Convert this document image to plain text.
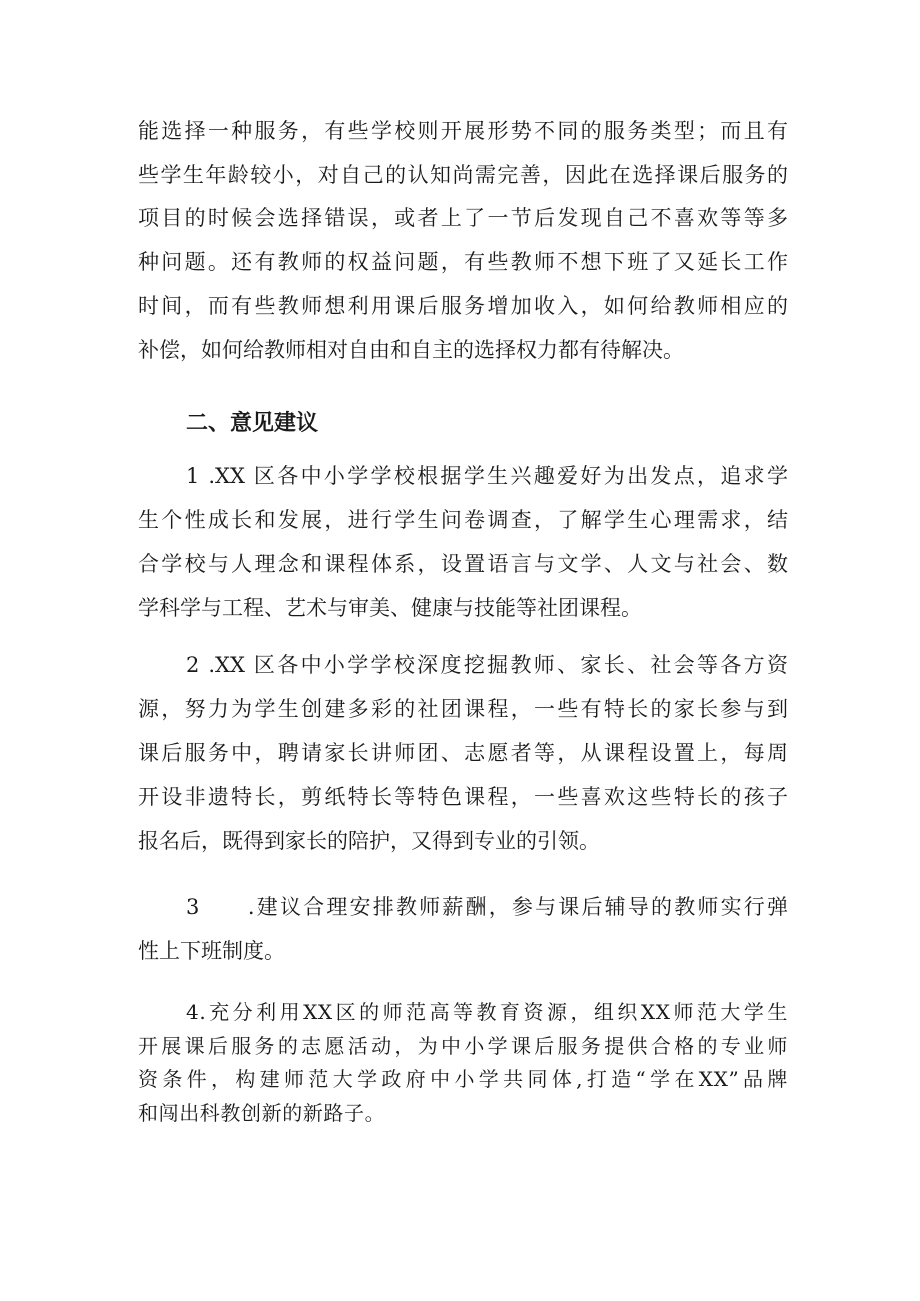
能选择一种服务，有些学校则开展形势不同的服务类型；而且有
些学生年龄较小，对自己的认知尚需完善，因此在选择课后服务的
项目的时候会选择错误，或者上了一节后发现自己不喜欢等等多
种问题。还有教师的权益问题，有些教师不想下班了又延长工作
时间，而有些教师想利用课后服务增加收入，如何给教师相应的
补偿，如何给教师相对自由和自主的选择权力都有待解决。
二、意见建议
1 .XX 区各中小学学校根据学生兴趣爱好为出发点，追求学
生个性成长和发展，进行学生问卷调查，了解学生心理需求，结
合学校与人理念和课程体系，设置语言与文学、人文与社会、数
学科学与工程、艺术与审美、健康与技能等社团课程。
2 .XX 区各中小学学校深度挖掘教师、家长、社会等各方资
源，努力为学生创建多彩的社团课程，一些有特长的家长参与到
课后服务中，聘请家长讲师团、志愿者等，从课程设置上，每周
开设非遗特长，剪纸特长等特色课程，一些喜欢这些特长的孩子
报名后，既得到家长的陪护，又得到专业的引领。
3　　.建议合理安排教师薪酬，参与课后辅导的教师实行弹
性上下班制度。
4.充分利用XX区的师范高等教育资源，组织XX师范大学生
开展课后服务的志愿活动，为中小学课后服务提供合格的专业师
资条件，构建师范大学政府中小学共同体,打造“学在XX”品牌
和闯出科教创新的新路子。
